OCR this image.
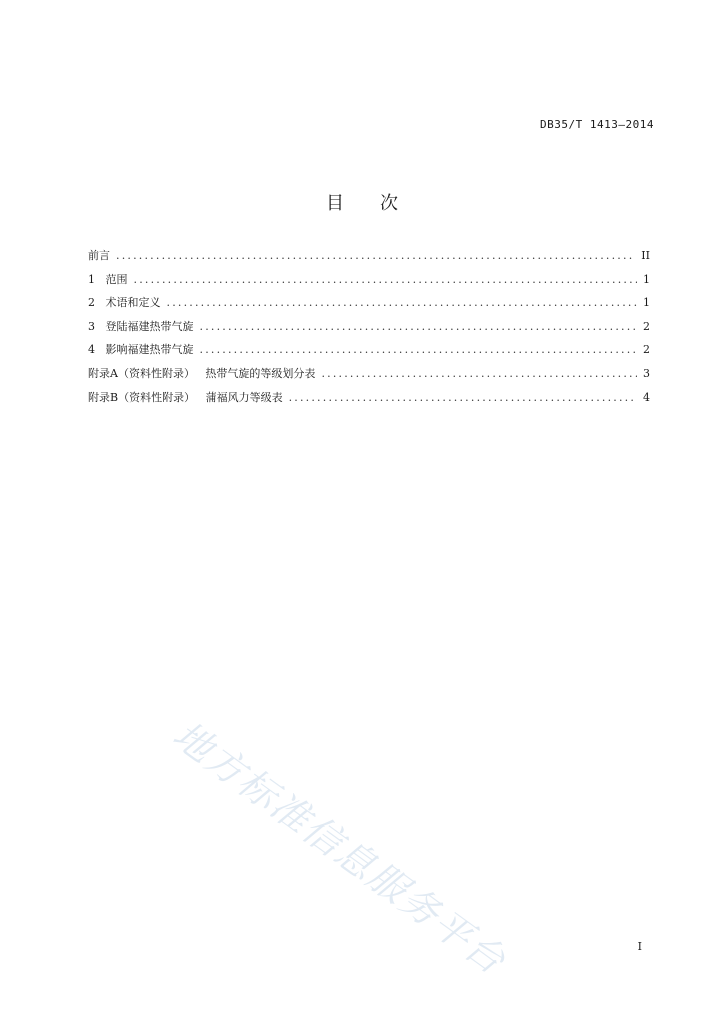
DB35/T 1413—2014
目 次
前言 .....	II
1   范围 .....	1
2   术语和定义 .....	1
3   登陆福建热带气旋 .....	2
4   影响福建热带气旋 .....	2
附录A（资料性附录）   热带气旋的等级划分表 .....	3
附录B（资料性附录）   蒲福风力等级表 .....	4
地方标准信息服务平台	I
